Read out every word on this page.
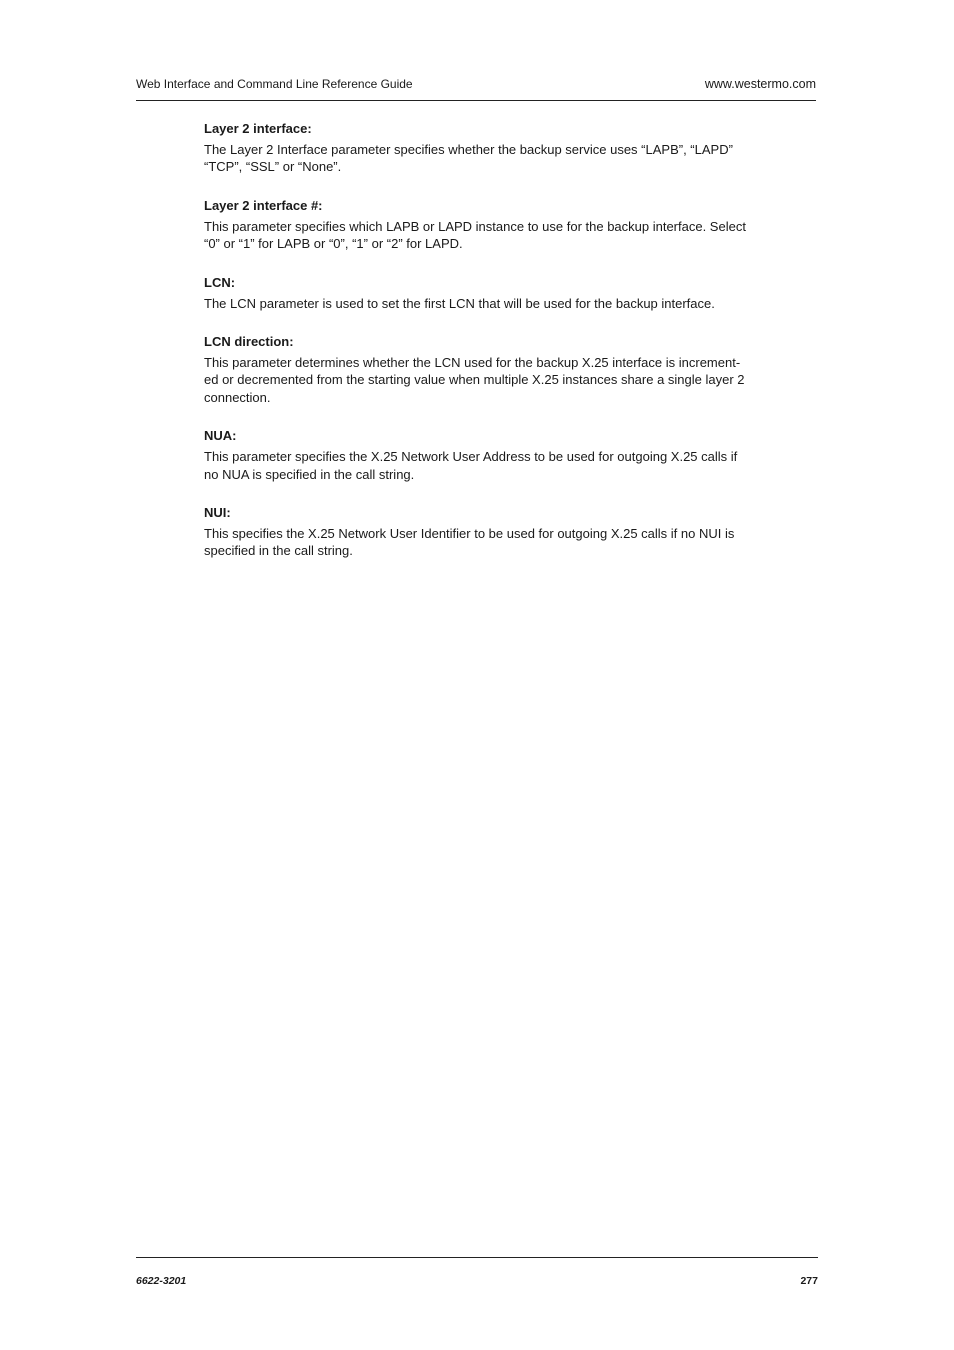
Web Interface and Command Line Reference Guide	www.westermo.com
Layer 2 interface:
The Layer 2 Interface parameter specifies whether the backup service uses “LAPB”, “LAPD”
“TCP”, “SSL” or “None”.
Layer 2 interface #:
This parameter specifies which LAPB or LAPD instance to use for the backup interface. Select
“0” or “1” for LAPB or “0”, “1” or “2” for LAPD.
LCN:
The LCN parameter is used to set the first LCN that will be used for the backup interface.
LCN direction:
This parameter determines whether the LCN used for the backup X.25 interface is increment-
ed or decremented from the starting value when multiple X.25 instances share a single layer 2
connection.
NUA:
This parameter specifies the X.25 Network User Address to be used for outgoing X.25 calls if
no NUA is specified in the call string.
NUI:
This specifies the X.25 Network User Identifier to be used for outgoing X.25 calls if no NUI is
specified in the call string.
6622-3201	277
